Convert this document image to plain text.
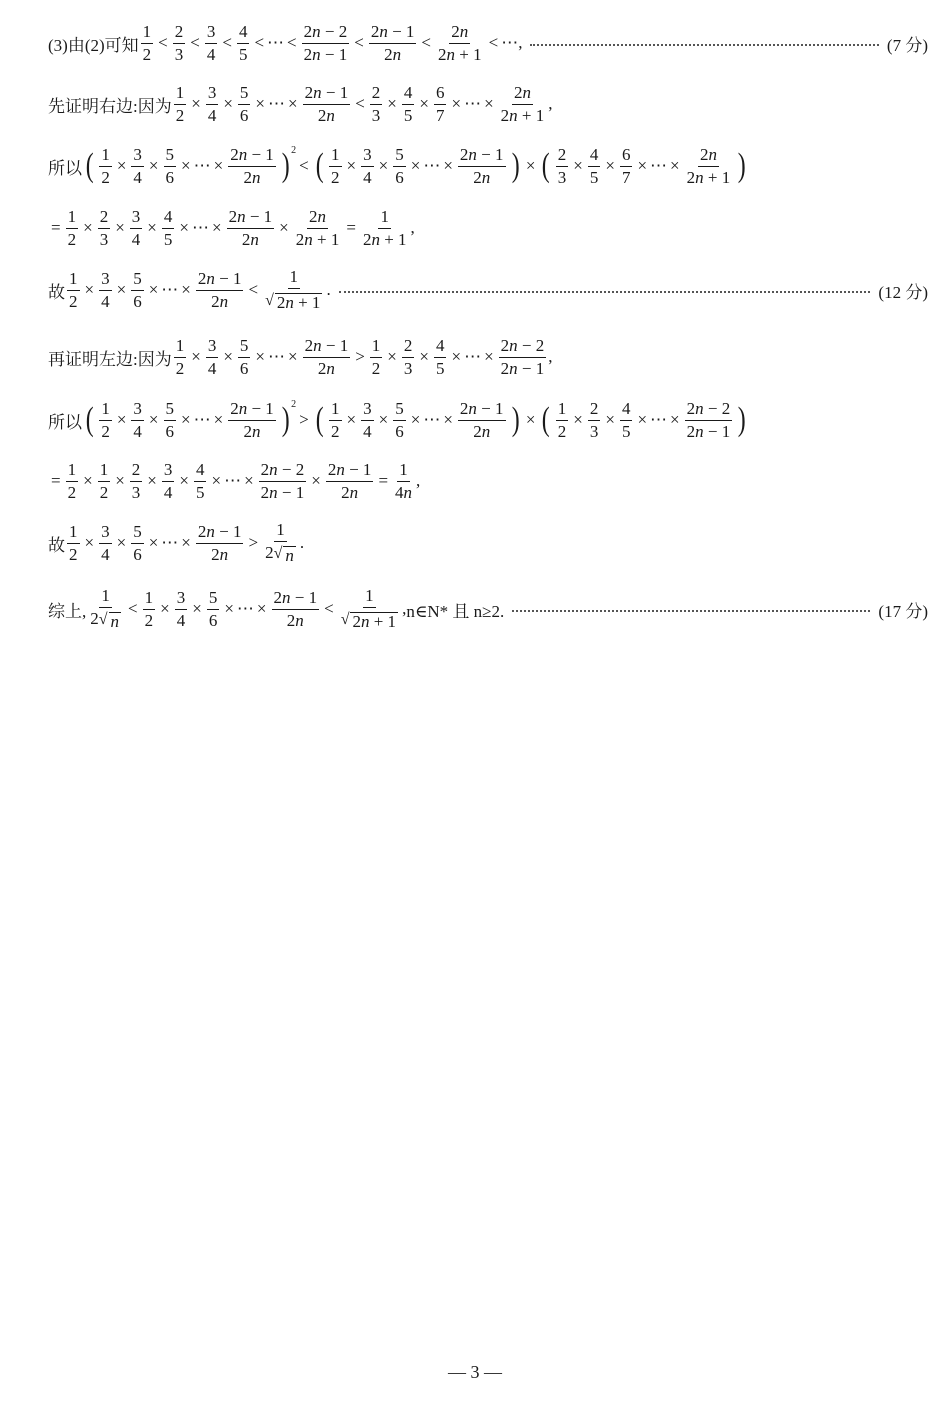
(3)由(2)可知 $\frac{1}{2} < \frac{2}{3} < \frac{3}{4} < \frac{4}{5}$ < ⋯ < $\frac{2n - 2}{2n - 1} < \frac{2n - 1}{2n} < \frac{2n}{2n + 1}$ < ⋯,	(7 分)
先证明右边:因为 $\frac{1}{2} \times \frac{3}{4} \times \frac{5}{6}$ × ⋯ × $\frac{2n - 1}{2n} < \frac{2}{3} \times \frac{4}{5} \times \frac{6}{7}$ × ⋯ × $\frac{2n}{2n + 1}$ ,
所以 ( $\frac{1}{2} \times \frac{3}{4} \times \frac{5}{6}$ × ⋯ × $\frac{2n - 1}{2n}$ ) 2
< ( $\frac{1}{2} \times \frac{3}{4} \times \frac{5}{6}$ × ⋯ × $\frac{2n - 1}{2n}$ ) × ( $\frac{2}{3} \times \frac{4}{5} \times \frac{6}{7}$ × ⋯ × $\frac{2n}{2n + 1}$ )
= $\frac{1}{2} \times \frac{2}{3} \times \frac{3}{4} \times \frac{4}{5}$ × ⋯ × $\frac{2n - 1}{2n} \times \frac{2n}{2n + 1} = \frac{1}{2n + 1}$ ,
故 $\frac{1}{2} \times \frac{3}{4} \times \frac{5}{6}$ × ⋯ × $\frac{2n - 1}{2n} < \frac{1}{√ 2n + 1}$ .	(12 分)
再证明左边:因为 $\frac{1}{2} \times \frac{3}{4} \times \frac{5}{6}$ × ⋯ × $\frac{2n - 1}{2n} > \frac{1}{2} \times \frac{2}{3} \times \frac{4}{5}$ × ⋯ × $\frac{2n - 2}{2n - 1}$ ,
所以 ( $\frac{1}{2} \times \frac{3}{4} \times \frac{5}{6}$ × ⋯ × $\frac{2n - 1}{2n}$ ) 2
> ( $\frac{1}{2} \times \frac{3}{4} \times \frac{5}{6}$ × ⋯ × $\frac{2n - 1}{2n}$ ) × ( $\frac{1}{2} \times \frac{2}{3} \times \frac{4}{5}$ × ⋯ × $\frac{2n - 2}{2n - 1}$ )
= $\frac{1}{2} \times \frac{1}{2} \times \frac{2}{3} \times \frac{3}{4} \times \frac{4}{5}$ × ⋯ × $\frac{2n - 2}{2n - 1} \times \frac{2n - 1}{2n} = \frac{1}{4n}$ ,
故 $\frac{1}{2} \times \frac{3}{4} \times \frac{5}{6}$ × ⋯ × $\frac{2n - 1}{2n} > \frac{1}{2 √ n}$ .
综上, $\frac{1}{2 √ n} < \frac{1}{2} \times \frac{3}{4} \times \frac{5}{6}$ × ⋯ × $\frac{2n - 1}{2n} < \frac{1}{√ 2n + 1}$ , n∈N* 且 n≥2.	(17 分)
— 3 —
